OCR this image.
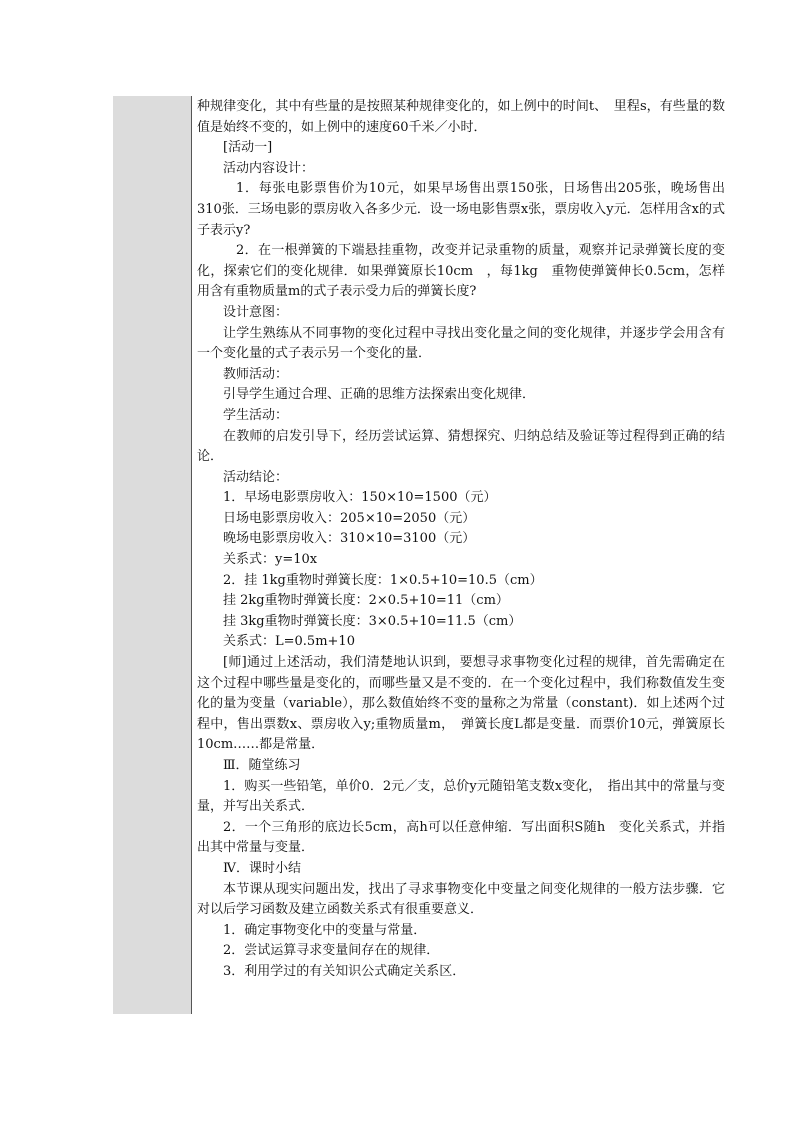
种规律变化，其中有些量的是按照某种规律变化的，如上例中的时间t、　里程s，有些量的数值是始终不变的，如上例中的速度60千米／小时．

[活动一]

活动内容设计：

1．每张电影票售价为10元，如果早场售出票150张，日场售出205张，晚场售出310张．三场电影的票房收入各多少元．设一场电影售票x张，票房收入y元．怎样用含x的式子表示y?

2．在一根弹簧的下端悬挂重物，改变并记录重物的质量，观察并记录弹簧长度的变化，探索它们的变化规律．如果弹簧原长10cm　，每1kg　重物使弹簧伸长0.5cm，怎样用含有重物质量m的式子表示受力后的弹簧长度?

设计意图：

让学生熟练从不同事物的变化过程中寻找出变化量之间的变化规律，并逐步学会用含有一个变化量的式子表示另一个变化的量．

教师活动：

引导学生通过合理、正确的思维方法探索出变化规律．

学生活动：

在教师的启发引导下，经历尝试运算、猜想探究、归纳总结及验证等过程得到正确的结论．

活动结论：

1．早场电影票房收入：150×10=1500（元）

日场电影票房收入：205×10=2050（元）

晚场电影票房收入：310×10=3100（元）

关系式：y=10x

2．挂 1kg重物时弹簧长度：1×0.5+10=10.5（cm）

挂 2kg重物时弹簧长度：2×0.5+10=11（cm）

挂 3kg重物时弹簧长度：3×0.5+10=11.5（cm）

关系式：L=0.5m+10

[师]通过上述活动，我们清楚地认识到，要想寻求事物变化过程的规律，首先需确定在这个过程中哪些量是变化的，而哪些量又是不变的．在一个变化过程中，我们称数值发生变化的量为变量（variable），那么数值始终不变的量称之为常量（constant)．如上述两个过程中，售出票数x、票房收入y;重物质量m，　弹簧长度L都是变量．而票价10元，弹簧原长10cm……都是常量．

Ⅲ．随堂练习

1．购买一些铅笔，单价0．2元／支，总价y元随铅笔支数x变化，　指出其中的常量与变量，并写出关系式．

2．一个三角形的底边长5cm，高h可以任意伸缩．写出面积S随h　变化关系式，并指出其中常量与变量．

Ⅳ．课时小结

本节课从现实问题出发，找出了寻求事物变化中变量之间变化规律的一般方法步骤．它对以后学习函数及建立函数关系式有很重要意义．

1．确定事物变化中的变量与常量．

2．尝试运算寻求变量间存在的规律．

3．利用学过的有关知识公式确定关系区．
